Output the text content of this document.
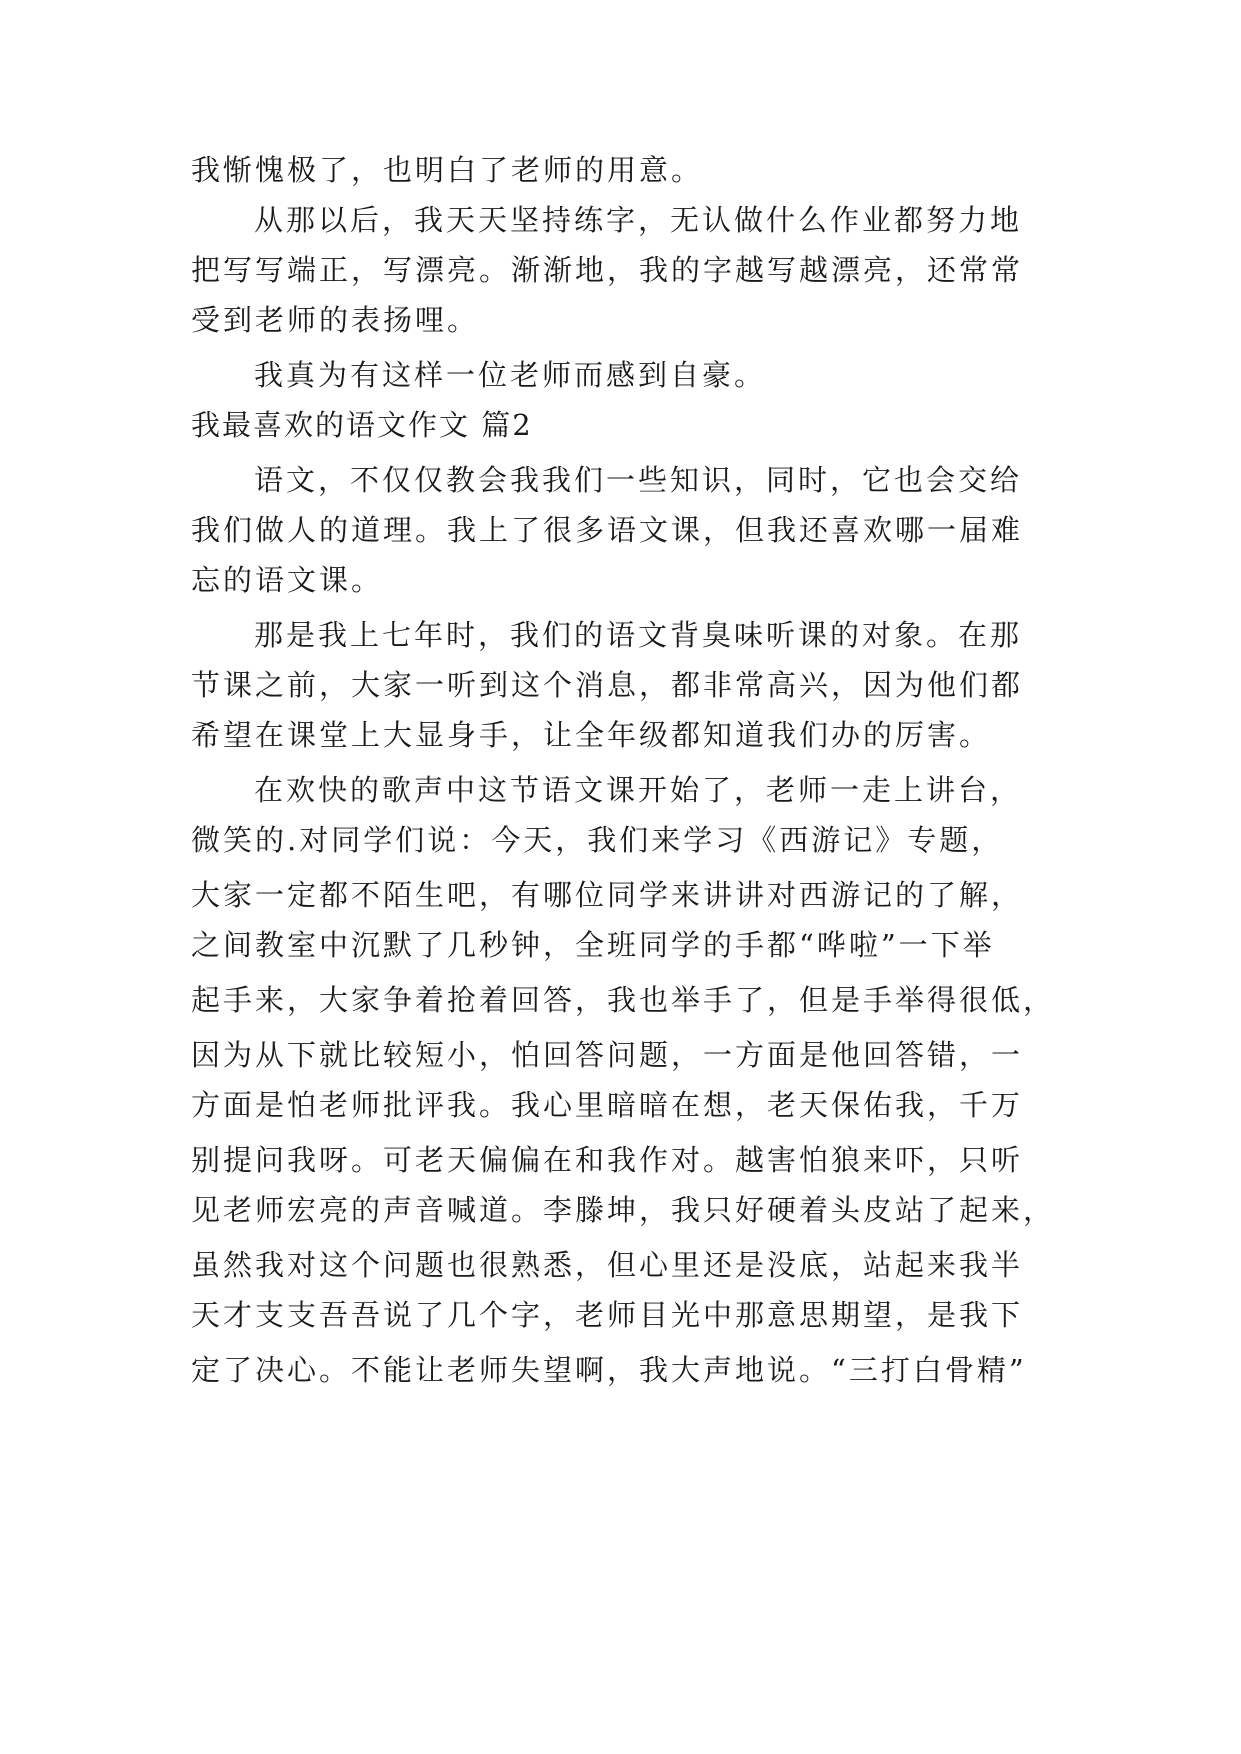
我惭愧极了，也明白了老师的用意。
从那以后，我天天坚持练字，无认做什么作业都努力地
把写写端正，写漂亮。渐渐地，我的字越写越漂亮，还常常
受到老师的表扬哩。
我真为有这样一位老师而感到自豪。
我最喜欢的语文作文 篇2
语文，不仅仅教会我我们一些知识，同时，它也会交给
我们做人的道理。我上了很多语文课，但我还喜欢哪一届难
忘的语文课。
那是我上七年时，我们的语文背臭味听课的对象。在那
节课之前，大家一听到这个消息，都非常高兴，因为他们都
希望在课堂上大显身手，让全年级都知道我们办的厉害。
在欢快的歌声中这节语文课开始了，老师一走上讲台，
微笑的.对同学们说：今天，我们来学习《西游记》专题，
大家一定都不陌生吧，有哪位同学来讲讲对西游记的了解，
之间教室中沉默了几秒钟，全班同学的手都“哗啦”一下举
起手来，大家争着抢着回答，我也举手了，但是手举得很低，
因为从下就比较短小，怕回答问题，一方面是他回答错，一
方面是怕老师批评我。我心里暗暗在想，老天保佑我，千万
别提问我呀。可老天偏偏在和我作对。越害怕狼来吓，只听
见老师宏亮的声音喊道。李滕坤，我只好硬着头皮站了起来，
虽然我对这个问题也很熟悉，但心里还是没底，站起来我半
天才支支吾吾说了几个字，老师目光中那意思期望，是我下
定了决心。不能让老师失望啊，我大声地说。“三打白骨精”
